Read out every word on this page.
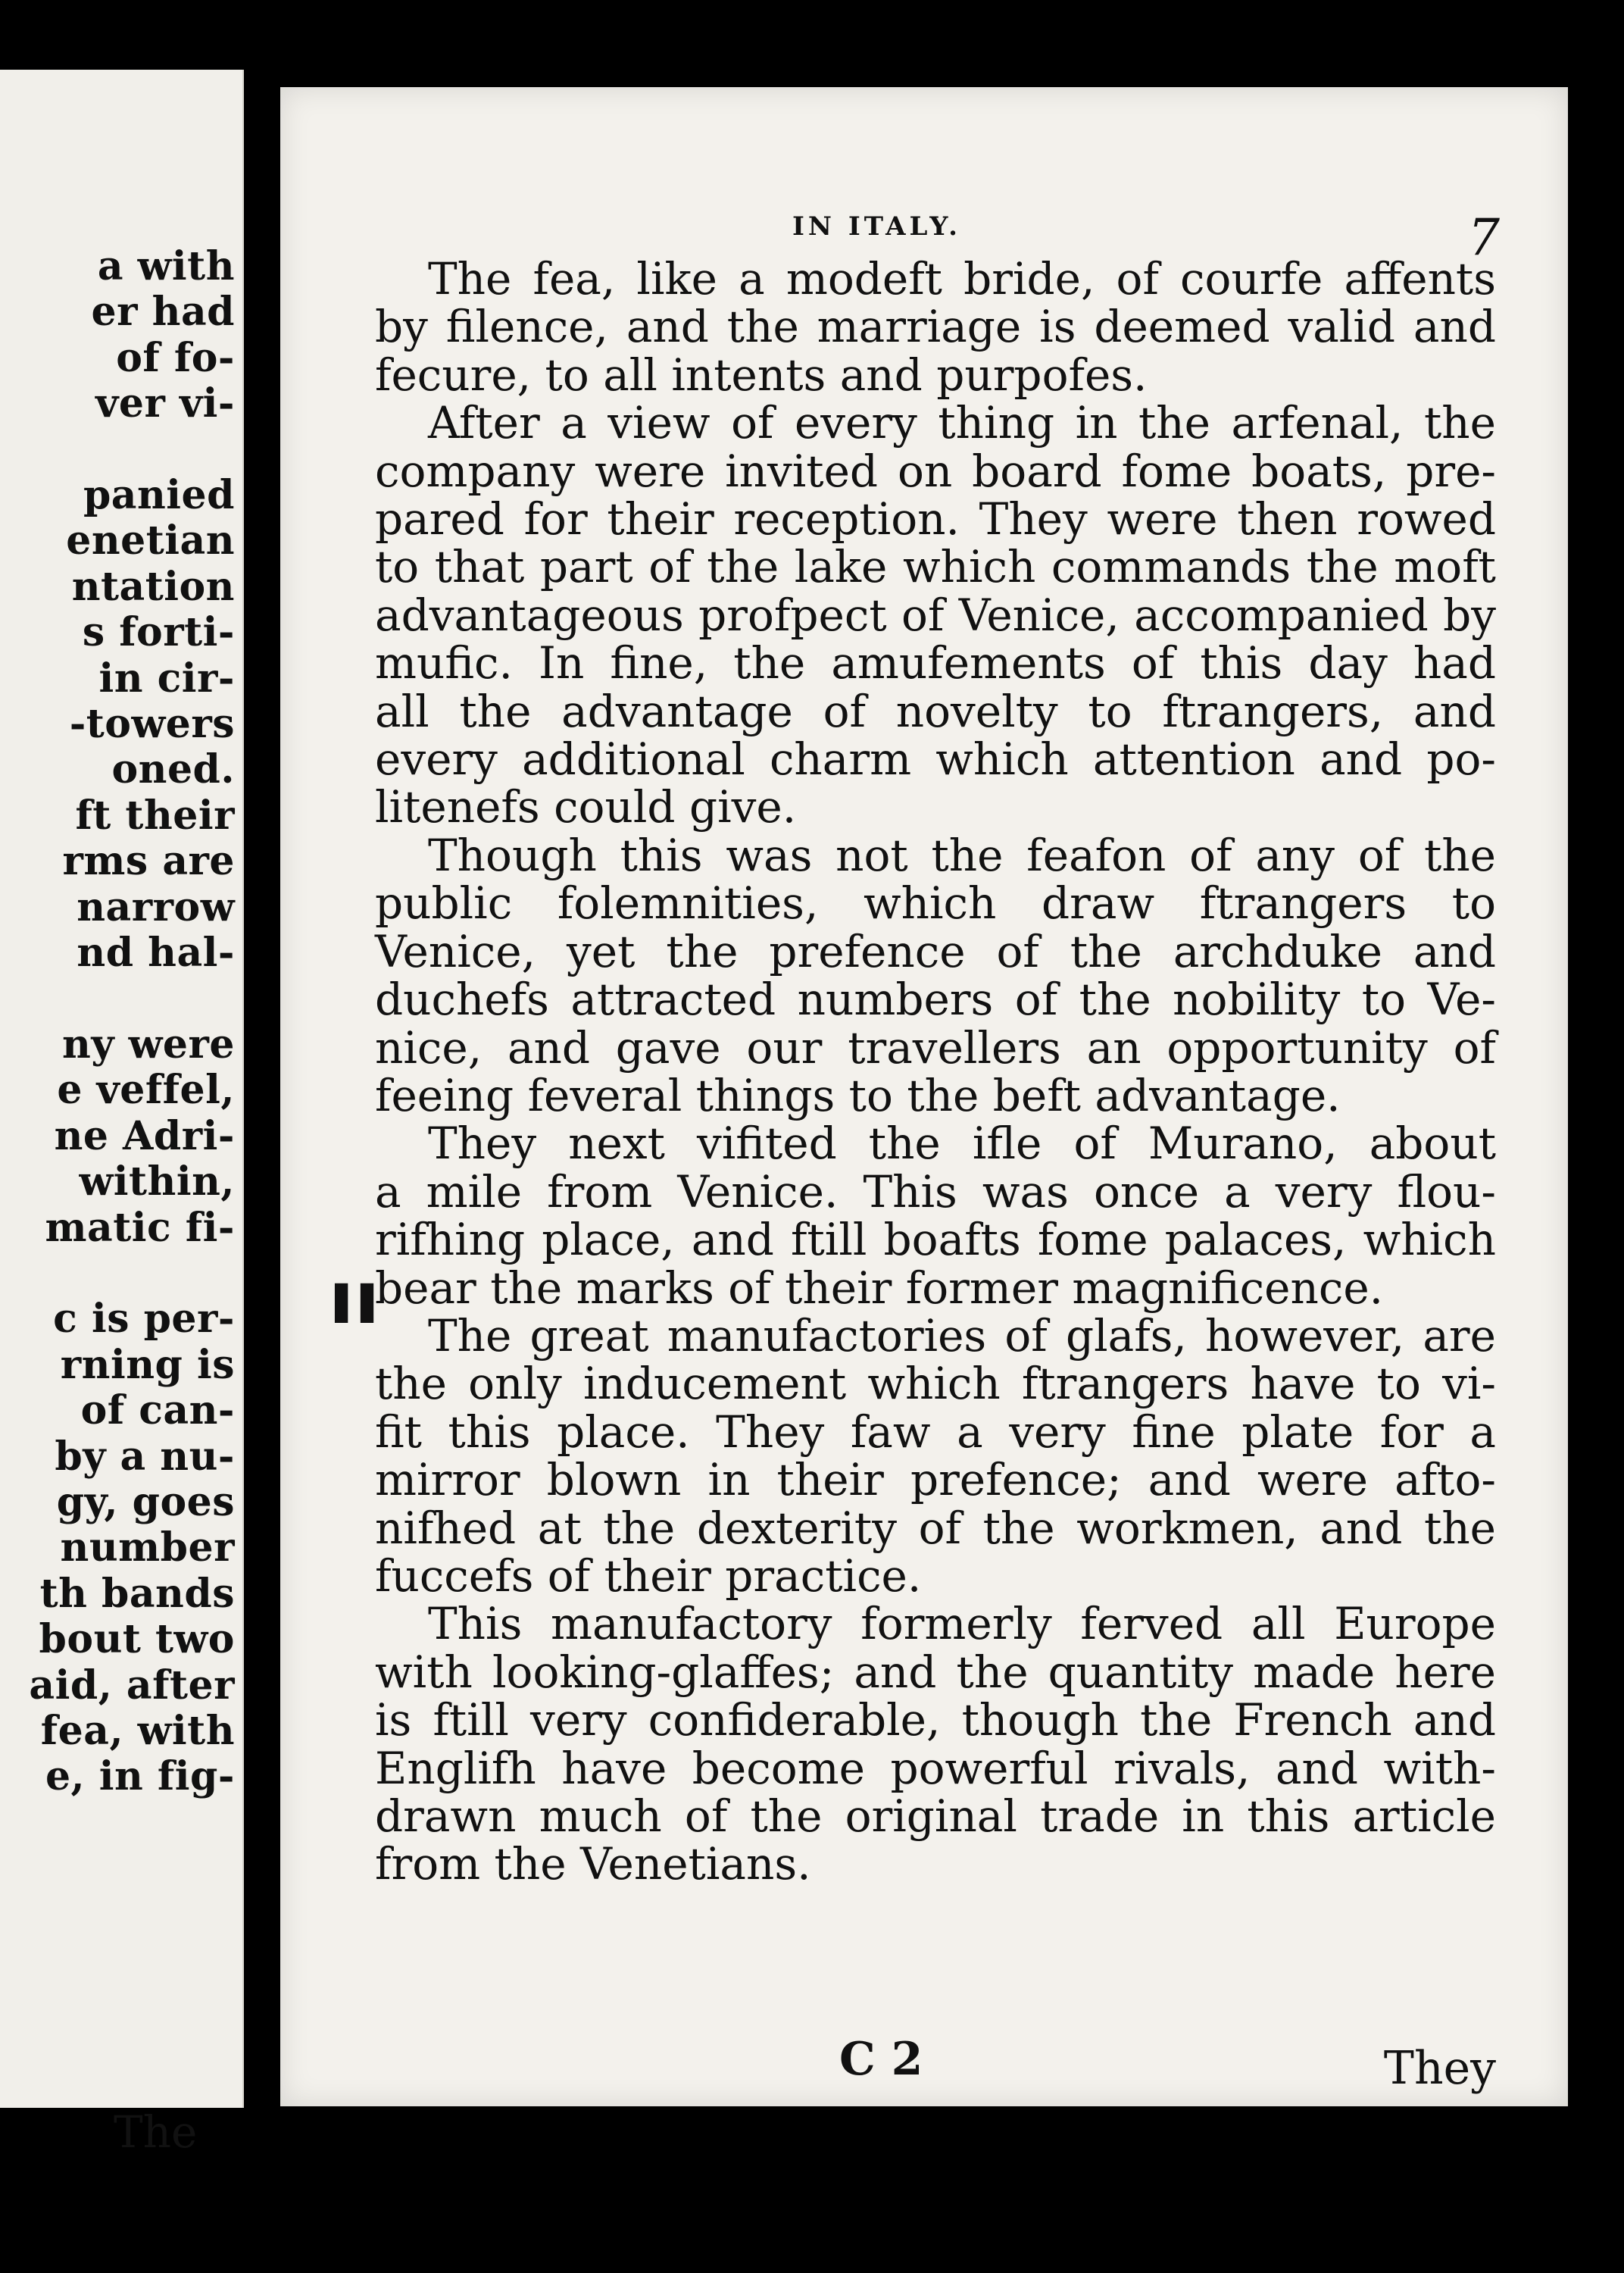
a with
er had
of fo-
ver vi-
panied
enetian
ntation
s forti-
in cir-
-towers
oned.
ft their
rms are
narrow
nd hal-
ny were
e veffel,
ne Adri-
within,
matic fi-
c is per-
rning is
of can-
by a nu-
gy, goes
number
th bands
bout two
aid, after
fea, with
e, in fig-
The
IN ITALY.	7
The fea, like a modeft bride, of courfe affents
by filence, and the marriage is deemed valid and
fecure, to all intents and purpofes.
After a view of every thing in the arfenal, the
company were invited on board fome boats, pre-
pared for their reception. They were then rowed
to that part of the lake which commands the moft
advantageous profpect of Venice, accompanied by
mufic. In fine, the amufements of this day had
all the advantage of novelty to ftrangers, and
every additional charm which attention and po-
litenefs could give.
Though this was not the feafon of any of the
public folemnities, which draw ftrangers to
Venice, yet the prefence of the archduke and
duchefs attracted numbers of the nobility to Ve-
nice, and gave our travellers an opportunity of
feeing feveral things to the beft advantage.
They next vifited the ifle of Murano, about
a mile from Venice. This was once a very flou-
rifhing place, and ftill boafts fome palaces, which
bear the marks of their former magnificence.
The great manufactories of glafs, however, are
the only inducement which ftrangers have to vi-
fit this place. They faw a very fine plate for a
mirror blown in their prefence; and were afto-
nifhed at the dexterity of the workmen, and the
fuccefs of their practice.
This manufactory formerly ferved all Europe
with looking-glaffes; and the quantity made here
is ftill very confiderable, though the French and
Englifh have become powerful rivals, and with-
drawn much of the original trade in this article
from the Venetians.
▐▐
C 2	They
